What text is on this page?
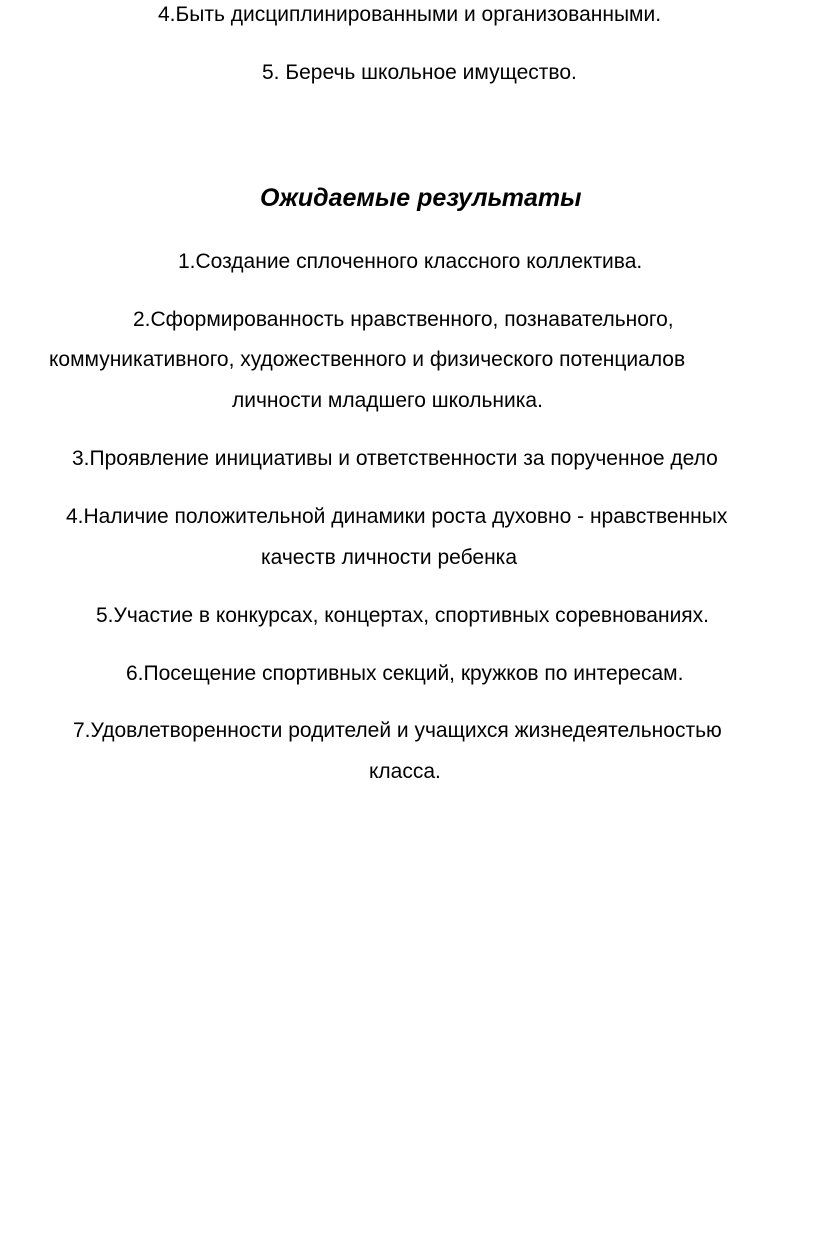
4.Быть дисциплинированными и организованными.

5. Беречь школьное имущество.

Ожидаемые результаты

1.Создание сплоченного классного коллектива.

2.Сформированность нравственного, познавательного,

коммуникативного, художественного и физического потенциалов

личности младшего школьника.

3.Проявление инициативы и ответственности за порученное дело

4.Наличие положительной динамики роста духовно - нравственных

качеств личности ребенка

5.Участие в конкурсах, концертах, спортивных соревнованиях.

6.Посещение спортивных секций, кружков по интересам.

7.Удовлетворенности родителей и учащихся жизнедеятельностью

класса.
